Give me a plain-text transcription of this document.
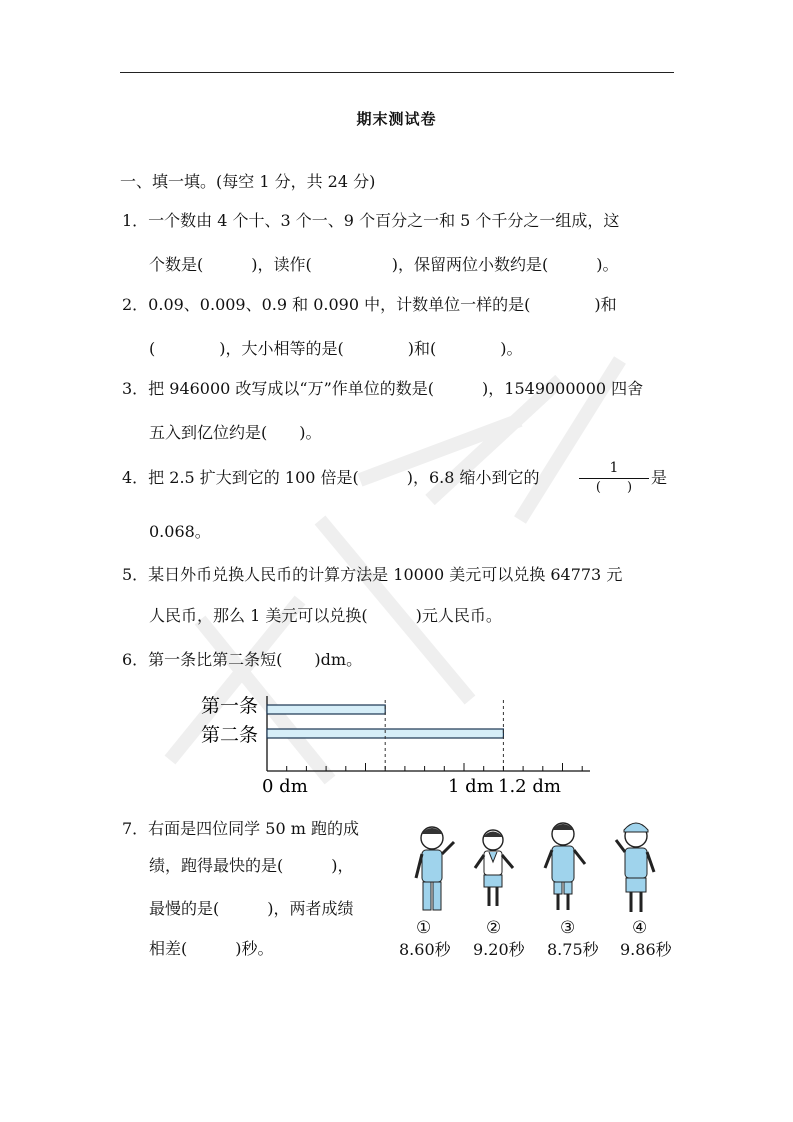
期末测试卷
一、填一填。(每空 1 分，共 24 分)
1．一个数由 4 个十、3 个一、9 个百分之一和 5 个千分之一组成，这
个数是(　　　)，读作(　　　　　)，保留两位小数约是(　　　)。
2．0.09、0.009、0.9 和 0.090 中，计数单位一样的是(　　　　)和
(　　　　)，大小相等的是(　　　　)和(　　　　)。
3．把 946000 改写成以“万”作单位的数是(　　　)，1549000000 四舍
五入到亿位约是(　　)。
4．把 2.5 扩大到它的 100 倍是(　　　)，6.8 缩小到它的	1
(　　)
是
0.068。
5．某日外币兑换人民币的计算方法是 10000 美元可以兑换 64773 元
人民币，那么 1 美元可以兑换(　　　)元人民币。
6．第一条比第二条短(　　)dm。
第一条
第二条
0 dm	1 dm 1.2 dm
7．右面是四位同学 50 m 跑的成
绩，跑得最快的是(　　　)，
最慢的是(　　　)，两者成绩
相差(　　　)秒。
①	②	③	④
8.60秒 9.20秒 8.75秒 9.86秒
